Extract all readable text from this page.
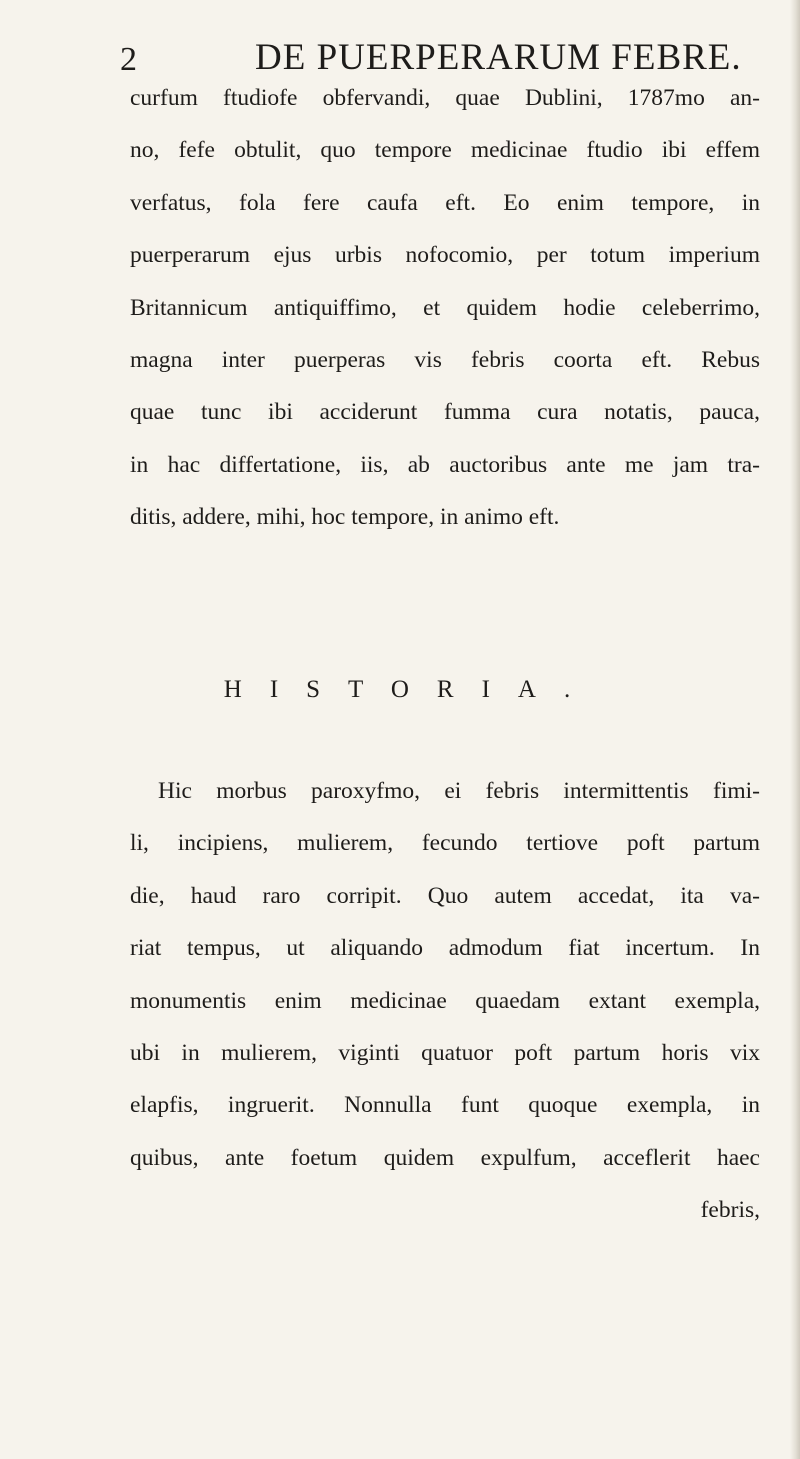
2	DE PUERPERARUM FEBRE.
curfum ftudiofe obfervandi, quae Dublini, 1787mo an-
no, fefe obtulit, quo tempore medicinae ftudio ibi effem
verfatus, fola fere caufa eft. Eo enim tempore, in
puerperarum ejus urbis nofocomio, per totum imperium
Britannicum antiquiffimo, et quidem hodie celeberrimo,
magna inter puerperas vis febris coorta eft. Rebus
quae tunc ibi acciderunt fumma cura notatis, pauca,
in hac differtatione, iis, ab auctoribus ante me jam tra-
ditis, addere, mihi, hoc tempore, in animo eft.
HISTORIA.
Hic morbus paroxyfmo, ei febris intermittentis fimi-
li, incipiens, mulierem, fecundo tertiove poft partum
die, haud raro corripit. Quo autem accedat, ita va-
riat tempus, ut aliquando admodum fiat incertum. In
monumentis enim medicinae quaedam extant exempla,
ubi in mulierem, viginti quatuor poft partum horis vix
elapfis, ingruerit. Nonnulla funt quoque exempla, in
quibus, ante foetum quidem expulfum, acceflerit haec
febris,
